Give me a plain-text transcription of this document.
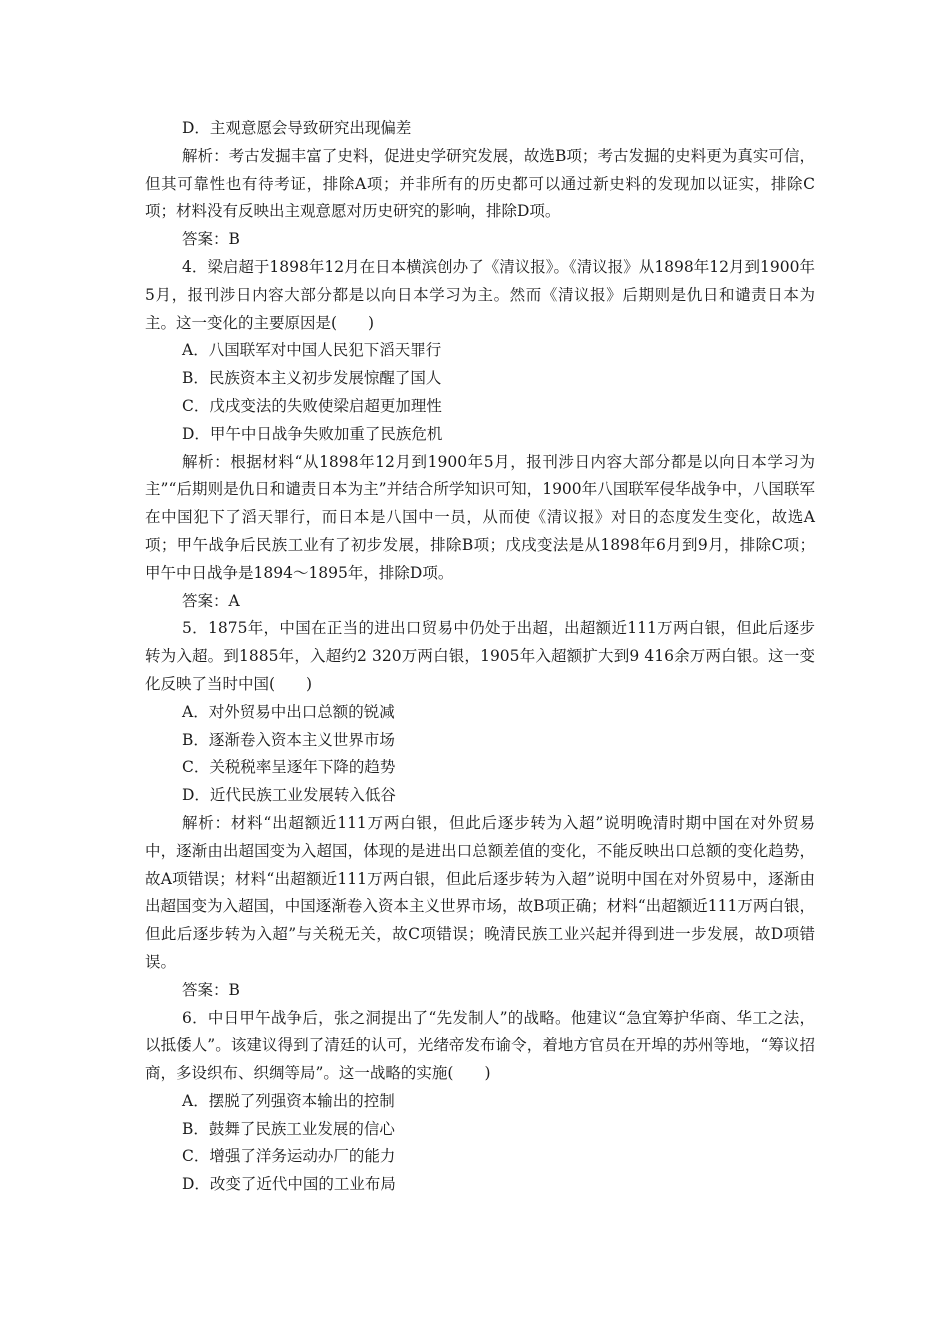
D．主观意愿会导致研究出现偏差
解析：考古发掘丰富了史料，促进史学研究发展，故选B项；考古发掘的史料更为真实可信，但其可靠性也有待考证，排除A项；并非所有的历史都可以通过新史料的发现加以证实，排除C项；材料没有反映出主观意愿对历史研究的影响，排除D项。
答案：B
4．梁启超于1898年12月在日本横滨创办了《清议报》。《清议报》从1898年12月到1900年5月，报刊涉日内容大部分都是以向日本学习为主。然而《清议报》后期则是仇日和谴责日本为主。这一变化的主要原因是(　　)
A．八国联军对中国人民犯下滔天罪行
B．民族资本主义初步发展惊醒了国人
C．戊戌变法的失败使梁启超更加理性
D．甲午中日战争失败加重了民族危机
解析：根据材料“从1898年12月到1900年5月，报刊涉日内容大部分都是以向日本学习为主”“后期则是仇日和谴责日本为主”并结合所学知识可知，1900年八国联军侵华战争中，八国联军在中国犯下了滔天罪行，而日本是八国中一员，从而使《清议报》对日的态度发生变化，故选A项；甲午战争后民族工业有了初步发展，排除B项；戊戌变法是从1898年6月到9月，排除C项；甲午中日战争是1894～1895年，排除D项。
答案：A
5．1875年，中国在正当的进出口贸易中仍处于出超，出超额近111万两白银，但此后逐步转为入超。到1885年，入超约2 320万两白银，1905年入超额扩大到9 416余万两白银。这一变化反映了当时中国(　　)
A．对外贸易中出口总额的锐减
B．逐渐卷入资本主义世界市场
C．关税税率呈逐年下降的趋势
D．近代民族工业发展转入低谷
解析：材料“出超额近111万两白银，但此后逐步转为入超”说明晚清时期中国在对外贸易中，逐渐由出超国变为入超国，体现的是进出口总额差值的变化，不能反映出口总额的变化趋势，故A项错误；材料“出超额近111万两白银，但此后逐步转为入超”说明中国在对外贸易中，逐渐由出超国变为入超国，中国逐渐卷入资本主义世界市场，故B项正确；材料“出超额近111万两白银，但此后逐步转为入超”与关税无关，故C项错误；晚清民族工业兴起并得到进一步发展，故D项错误。
答案：B
6．中日甲午战争后，张之洞提出了“先发制人”的战略。他建议“急宜筹护华商、华工之法，以抵倭人”。该建议得到了清廷的认可，光绪帝发布谕令，着地方官员在开埠的苏州等地，“筹议招商，多设织布、织绸等局”。这一战略的实施(　　)
A．摆脱了列强资本输出的控制
B．鼓舞了民族工业发展的信心
C．增强了洋务运动办厂的能力
D．改变了近代中国的工业布局
